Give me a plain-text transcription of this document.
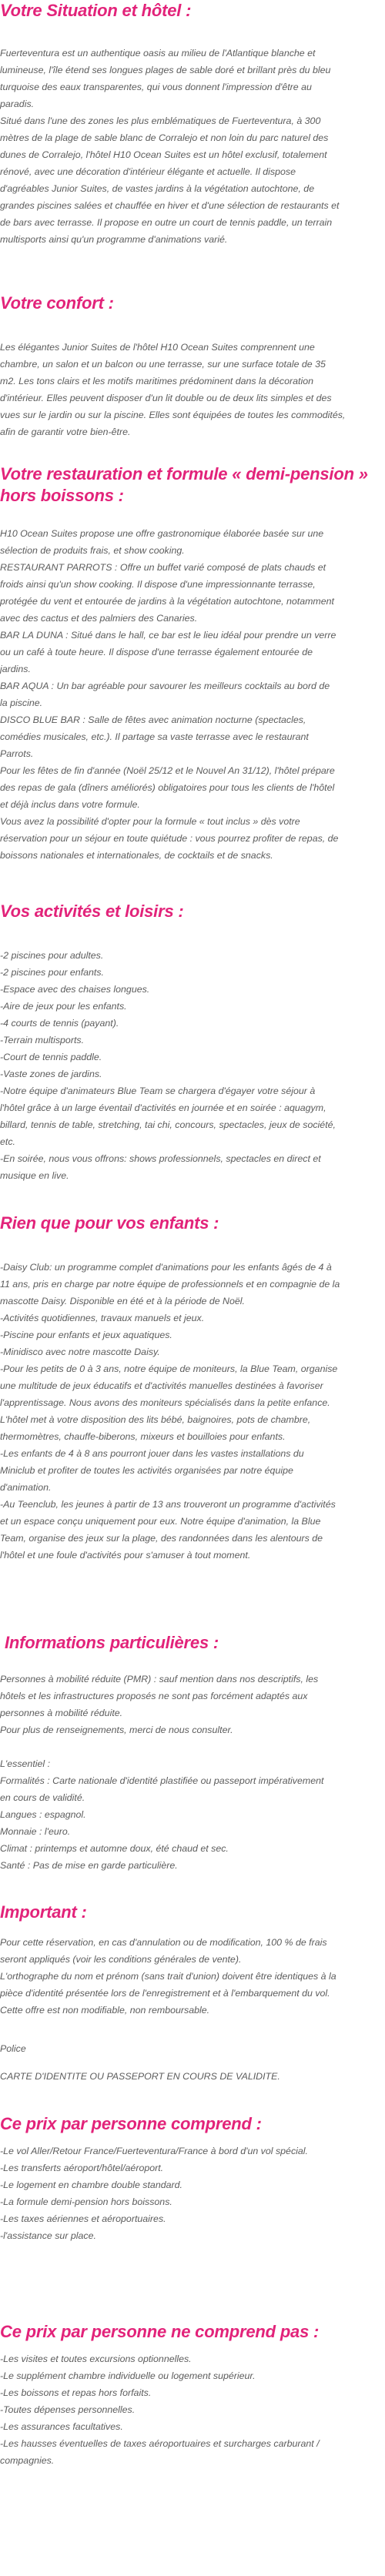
Votre Situation et hôtel :
Fuerteventura est un authentique oasis au milieu de l'Atlantique blanche et
lumineuse, l'île étend ses longues plages de sable doré et brillant près du bleu
turquoise des eaux transparentes, qui vous donnent l'impression d'être au
paradis.
Situé dans l'une des zones les plus emblématiques de Fuerteventura, à 300
mètres de la plage de sable blanc de Corralejo et non loin du parc naturel des
dunes de Corralejo, l'hôtel H10 Ocean Suites est un hôtel exclusif, totalement
rénové, avec une décoration d'intérieur élégante et actuelle. Il dispose
d'agréables Junior Suites, de vastes jardins à la végétation autochtone, de
grandes piscines salées et chauffée en hiver et d'une sélection de restaurants et
de bars avec terrasse. Il propose en outre un court de tennis paddle, un terrain
multisports ainsi qu'un programme d'animations varié.
Votre confort :
Les élégantes Junior Suites de l'hôtel H10 Ocean Suites comprennent une
chambre, un salon et un balcon ou une terrasse, sur une surface totale de 35
m2. Les tons clairs et les motifs maritimes prédominent dans la décoration
d'intérieur. Elles peuvent disposer d'un lit double ou de deux lits simples et des
vues sur le jardin ou sur la piscine. Elles sont équipées de toutes les commodités,
afin de garantir votre bien-être.
Votre restauration et formule « demi-pension »
hors boissons :
H10 Ocean Suites propose une offre gastronomique élaborée basée sur une
sélection de produits frais, et show cooking.
RESTAURANT PARROTS : Offre un buffet varié composé de plats chauds et
froids ainsi qu'un show cooking. Il dispose d'une impressionnante terrasse,
protégée du vent et entourée de jardins à la végétation autochtone, notamment
avec des cactus et des palmiers des Canaries.
BAR LA DUNA : Situé dans le hall, ce bar est le lieu idéal pour prendre un verre
ou un café à toute heure. Il dispose d'une terrasse également entourée de
jardins.
BAR AQUA : Un bar agréable pour savourer les meilleurs cocktails au bord de
la piscine.
DISCO BLUE BAR : Salle de fêtes avec animation nocturne (spectacles,
comédies musicales, etc.). Il partage sa vaste terrasse avec le restaurant
Parrots.
Pour les fêtes de fin d'année (Noël 25/12 et le Nouvel An 31/12), l'hôtel prépare
des repas de gala (dîners améliorés) obligatoires pour tous les clients de l'hôtel
et déjà inclus dans votre formule.
Vous avez la possibilité d'opter pour la formule « tout inclus » dès votre
réservation pour un séjour en toute quiétude : vous pourrez profiter de repas, de
boissons nationales et internationales, de cocktails et de snacks.
Vos activités et loisirs :
-2 piscines pour adultes.
-2 piscines pour enfants.
-Espace avec des chaises longues.
-Aire de jeux pour les enfants.
-4 courts de tennis (payant).
-Terrain multisports.
-Court de tennis paddle.
-Vaste zones de jardins.
-Notre équipe d'animateurs Blue Team se chargera d'égayer votre séjour à
l'hôtel grâce à un large éventail d'activités en journée et en soirée : aquagym,
billard, tennis de table, stretching, tai chi, concours, spectacles, jeux de société,
etc.
-En soirée, nous vous offrons: shows professionnels, spectacles en direct et
musique en live.
Rien que pour vos enfants :
-Daisy Club: un programme complet d'animations pour les enfants âgés de 4 à
11 ans, pris en charge par notre équipe de professionnels et en compagnie de la
mascotte Daisy. Disponible en été et à la période de Noël.
-Activités quotidiennes, travaux manuels et jeux.
-Piscine pour enfants et jeux aquatiques.
-Minidisco avec notre mascotte Daisy.
-Pour les petits de 0 à 3 ans, notre équipe de moniteurs, la Blue Team, organise
une multitude de jeux éducatifs et d'activités manuelles destinées à favoriser
l'apprentissage. Nous avons des moniteurs spécialisés dans la petite enfance.
L'hôtel met à votre disposition des lits bébé, baignoires, pots de chambre,
thermomètres, chauffe-biberons, mixeurs et bouilloies pour enfants.
-Les enfants de 4 à 8 ans pourront jouer dans les vastes installations du
Miniclub et profiter de toutes les activités organisées par notre équipe
d'animation.
-Au Teenclub, les jeunes à partir de 13 ans trouveront un programme d'activités
et un espace conçu uniquement pour eux. Notre équipe d'animation, la Blue
Team, organise des jeux sur la plage, des randonnées dans les alentours de
l'hôtel et une foule d'activités pour s'amuser à tout moment.
Informations particulières :
Personnes à mobilité réduite (PMR) : sauf mention dans nos descriptifs, les
hôtels et les infrastructures proposés ne sont pas forcément adaptés aux
personnes à mobilité réduite.
Pour plus de renseignements, merci de nous consulter.
L'essentiel :
Formalités : Carte nationale d'identité plastifiée ou passeport impérativement
en cours de validité.
Langues : espagnol.
Monnaie : l'euro.
Climat : printemps et automne doux, été chaud et sec.
Santé : Pas de mise en garde particulière.
Important :
Pour cette réservation, en cas d'annulation ou de modification, 100 % de frais
seront appliqués (voir les conditions générales de vente).
L'orthographe du nom et prénom (sans trait d'union) doivent être identiques à la
pièce d'identité présentée lors de l'enregistrement et à l'embarquement du vol.
Cette offre est non modifiable, non remboursable.
Police
CARTE D'IDENTITE OU PASSEPORT EN COURS DE VALIDITE.
Ce prix par personne comprend :
-Le vol Aller/Retour France/Fuerteventura/France à bord d'un vol spécial.
-Les transferts aéroport/hôtel/aéroport.
-Le logement en chambre double standard.
-La formule demi-pension hors boissons.
-Les taxes aériennes et aéroportuaires.
-l'assistance sur place.
Ce prix par personne ne comprend pas :
-Les visites et toutes excursions optionnelles.
-Le supplément chambre individuelle ou logement supérieur.
-Les boissons et repas hors forfaits.
-Toutes dépenses personnelles.
-Les assurances facultatives.
-Les hausses éventuelles de taxes aéroportuaires et surcharges carburant /
compagnies.
